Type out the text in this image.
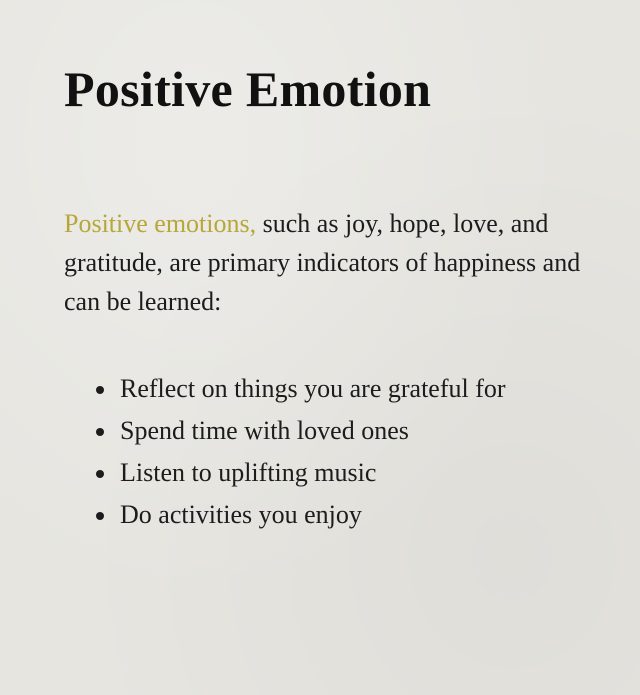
Positive Emotion

Positive emotions, such as joy, hope, love, and gratitude, are primary indicators of happiness and can be learned:

• Reflect on things you are grateful for
• Spend time with loved ones
• Listen to uplifting music
• Do activities you enjoy
